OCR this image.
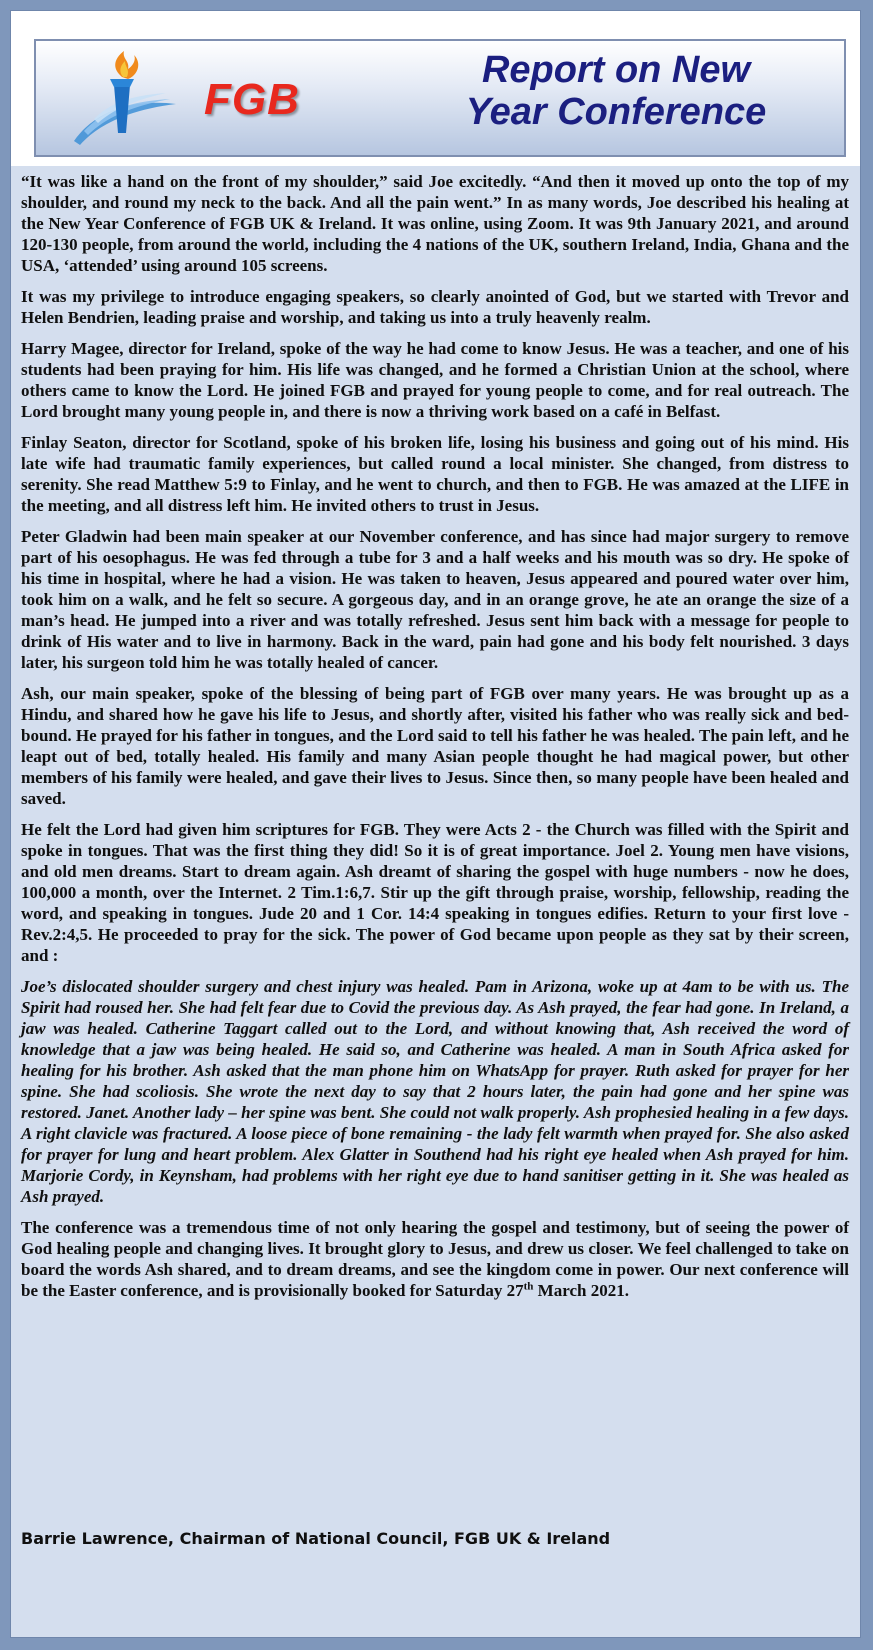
FGB
Report on New
Year Conference

“It was like a hand on the front of my shoulder,” said Joe excitedly. “And then it moved up onto the top of my shoulder, and round my neck to the back. And all the pain went.” In as many words, Joe described his healing at the New Year Conference of FGB UK & Ireland. It was online, using Zoom. It was 9th January 2021, and around 120-130 people, from around the world, including the 4 nations of the UK, southern Ireland, India, Ghana and the USA, ‘attended’ using around 105 screens.

It was my privilege to introduce engaging speakers, so clearly anointed of God, but we started with Trevor and Helen Bendrien, leading praise and worship, and taking us into a truly heavenly realm.

Harry Magee, director for Ireland, spoke of the way he had come to know Jesus. He was a teacher, and one of his students had been praying for him. His life was changed, and he formed a Christian Union at the school, where others came to know the Lord. He joined FGB and prayed for young people to come, and for real outreach. The Lord brought many young people in, and there is now a thriving work based on a café in Belfast.

Finlay Seaton, director for Scotland, spoke of his broken life, losing his business and going out of his mind. His late wife had traumatic family experiences, but called round a local minister. She changed, from distress to serenity. She read Matthew 5:9 to Finlay, and he went to church, and then to FGB. He was amazed at the LIFE in the meeting, and all distress left him. He invited others to trust in Jesus.

Peter Gladwin had been main speaker at our November conference, and has since had major surgery to remove part of his oesophagus. He was fed through a tube for 3 and a half weeks and his mouth was so dry. He spoke of his time in hospital, where he had a vision. He was taken to heaven, Jesus appeared and poured water over him, took him on a walk, and he felt so secure. A gorgeous day, and in an orange grove, he ate an orange the size of a man’s head. He jumped into a river and was totally refreshed. Jesus sent him back with a message for people to drink of His water and to live in harmony. Back in the ward, pain had gone and his body felt nourished. 3 days later, his surgeon told him he was totally healed of cancer.

Ash, our main speaker, spoke of the blessing of being part of FGB over many years. He was brought up as a Hindu, and shared how he gave his life to Jesus, and shortly after, visited his father who was really sick and bed-bound. He prayed for his father in tongues, and the Lord said to tell his father he was healed. The pain left, and he leapt out of bed, totally healed. His family and many Asian people thought he had magical power, but other members of his family were healed, and gave their lives to Jesus. Since then, so many people have been healed and saved.

He felt the Lord had given him scriptures for FGB. They were Acts 2 - the Church was filled with the Spirit and spoke in tongues. That was the first thing they did! So it is of great importance. Joel 2. Young men have visions, and old men dreams. Start to dream again. Ash dreamt of sharing the gospel with huge numbers - now he does, 100,000 a month, over the Internet. 2 Tim.1:6,7. Stir up the gift through praise, worship, fellowship, reading the word, and speaking in tongues. Jude 20 and 1 Cor. 14:4 speaking in tongues edifies. Return to your first love - Rev.2:4,5. He proceeded to pray for the sick. The power of God became upon people as they sat by their screen, and :

Joe’s dislocated shoulder surgery and chest injury was healed. Pam in Arizona, woke up at 4am to be with us. The Spirit had roused her. She had felt fear due to Covid the previous day. As Ash prayed, the fear had gone. In Ireland, a jaw was healed. Catherine Taggart called out to the Lord, and without knowing that, Ash received the word of knowledge that a jaw was being healed. He said so, and Catherine was healed. A man in South Africa asked for healing for his brother. Ash asked that the man phone him on WhatsApp for prayer. Ruth asked for prayer for her spine. She had scoliosis. She wrote the next day to say that 2 hours later, the pain had gone and her spine was restored. Janet. Another lady – her spine was bent. She could not walk properly. Ash prophesied healing in a few days. A right clavicle was fractured. A loose piece of bone remaining - the lady felt warmth when prayed for. She also asked for prayer for lung and heart problem. Alex Glatter in Southend had his right eye healed when Ash prayed for him. Marjorie Cordy, in Keynsham, had problems with her right eye due to hand sanitiser getting in it. She was healed as Ash prayed.

The conference was a tremendous time of not only hearing the gospel and testimony, but of seeing the power of God healing people and changing lives. It brought glory to Jesus, and drew us closer. We feel challenged to take on board the words Ash shared, and to dream dreams, and see the kingdom come in power. Our next conference will be the Easter conference, and is provisionally booked for Saturday 27th March 2021.

Barrie Lawrence, Chairman of National Council, FGB UK & Ireland
